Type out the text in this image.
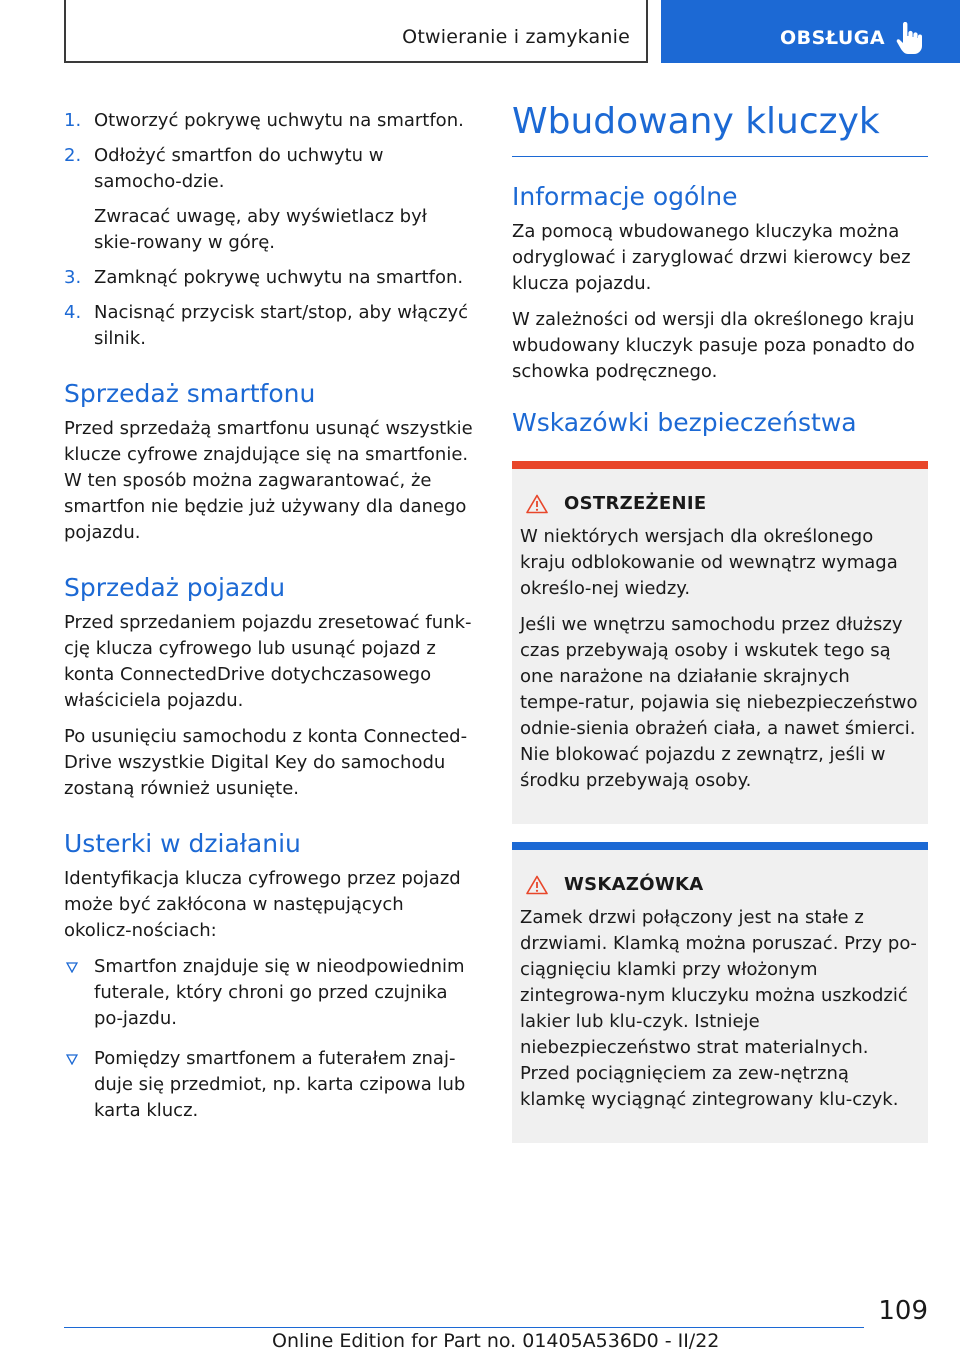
Otwieranie i zamykanie	OBSŁUGA
1. Otworzyć pokrywę uchwytu na smartfon.
2. Odłożyć smartfon do uchwytu w samocho‐dzie.

Zwracać uwagę, aby wyświetlacz był skie‐rowany w górę.

3. Zamknąć pokrywę uchwytu na smartfon.
4. Nacisnąć przycisk start/stop, aby włączyć silnik.
Sprzedaż smartfonu

Przed sprzedażą smartfonu usunąć wszystkie klucze cyfrowe znajdujące się na smartfonie. W ten sposób można zagwarantować, że smartfon nie będzie już używany dla danego pojazdu.

Sprzedaż pojazdu

Przed sprzedaniem pojazdu zresetować funk‐cję klucza cyfrowego lub usunąć pojazd z konta ConnectedDrive dotychczasowego właściciela pojazdu.

Po usunięciu samochodu z konta Connected‐Drive wszystkie Digital Key do samochodu zostaną również usunięte.

Usterki w działaniu

Identyfikacja klucza cyfrowego przez pojazd może być zakłócona w następujących okolicz‐nościach:

Smartfon znajduje się w nieodpowiednim futerale, który chroni go przed czujnika po‐jazdu.
Pomiędzy smartfonem a futerałem znaj‐duje się przedmiot, np. karta czipowa lub karta klucz.
Wbudowany kluczyk
Informacje ogólne

Za pomocą wbudowanego kluczyka można odryglować i zaryglować drzwi kierowcy bez klucza pojazdu.

W zależności od wersji dla określonego kraju wbudowany kluczyk pasuje poza ponadto do schowka podręcznego.

Wskazówki bezpieczeństwa
OSTRZEŻENIE

W niektórych wersjach dla określonego kraju odblokowanie od wewnątrz wymaga określo‐nej wiedzy.

Jeśli we wnętrzu samochodu przez dłuższy czas przebywają osoby i wskutek tego są one narażone na działanie skrajnych tempe‐ratur, pojawia się niebezpieczeństwo odnie‐sienia obrażeń ciała, a nawet śmierci. Nie blokować pojazdu z zewnątrz, jeśli w środku przebywają osoby.

WSKAZÓWKA

Zamek drzwi połączony jest na stałe z drzwiami. Klamką można poruszać. Przy po‐ciągnięciu klamki przy włożonym zintegrowa‐nym kluczyku można uszkodzić lakier lub klu‐czyk. Istnieje niebezpieczeństwo strat materialnych. Przed pociągnięciem za zew‐nętrzną klamkę wyciągnąć zintegrowany klu‐czyk.

109
Online Edition for Part no. 01405A536D0 - II/22
